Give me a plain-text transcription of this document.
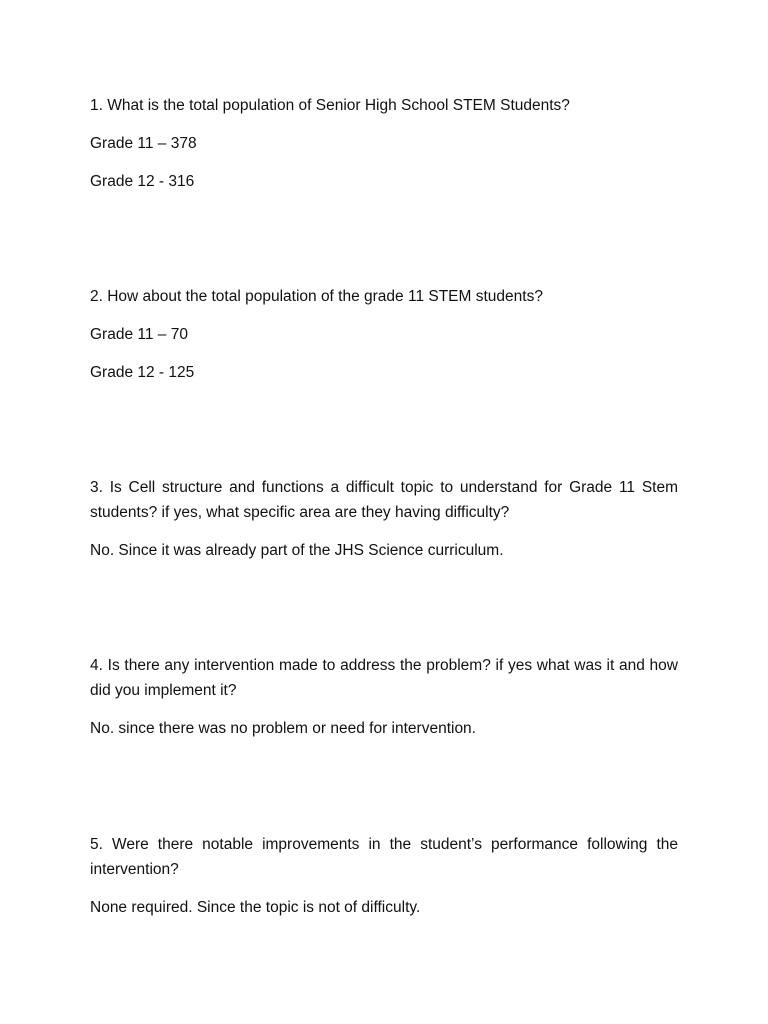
1. What is the total population of Senior High School STEM Students?

Grade 11 – 378

Grade 12 - 316

2. How about the total population of the grade 11 STEM students?

Grade 11 – 70

Grade 12 - 125

3. Is Cell structure and functions a difficult topic to understand for Grade 11 Stem students? if yes, what specific area are they having difficulty?

No. Since it was already part of the JHS Science curriculum.

4. Is there any intervention made to address the problem? if yes what was it and how did you implement it?

No. since there was no problem or need for intervention.

5. Were there notable improvements in the student’s performance following the intervention?

None required. Since the topic is not of difficulty.
